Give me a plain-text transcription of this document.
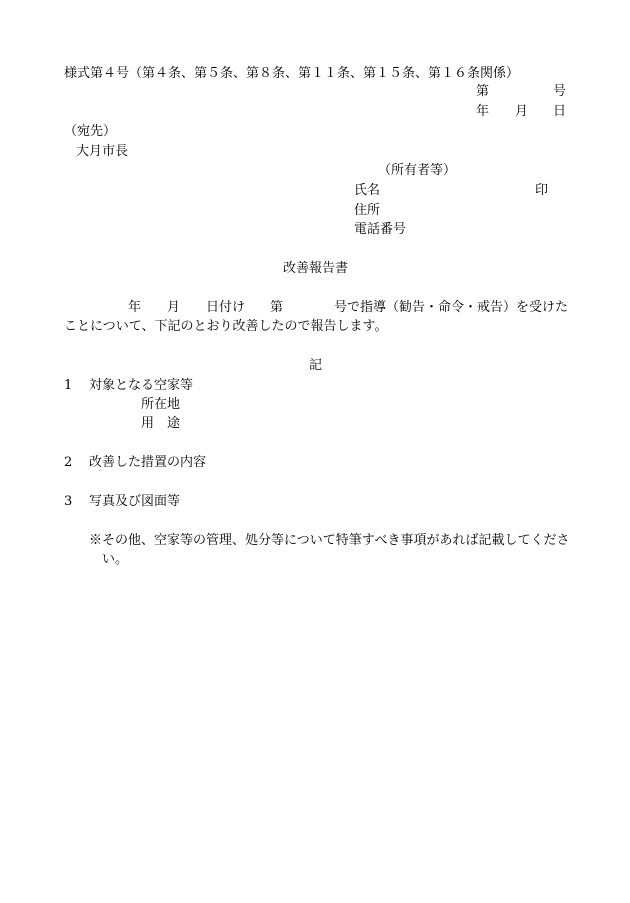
様式第４号（第４条、第５条、第８条、第１１条、第１５条、第１６条関係）
第	号
年 月 日
（宛先）
大月市長
（所有者等）
氏名	印
住所
電話番号
改善報告書
年 月 日付け 第	号で指導（勧告・命令・戒告）を受けた
ことについて、下記のとおり改善したので報告します。
記
1 対象となる空家等
所在地
用　途
2 改善した措置の内容
3 写真及び図面等
※その他、空家等の管理、処分等について特筆すべき事項があれば記載してくださ
い。
